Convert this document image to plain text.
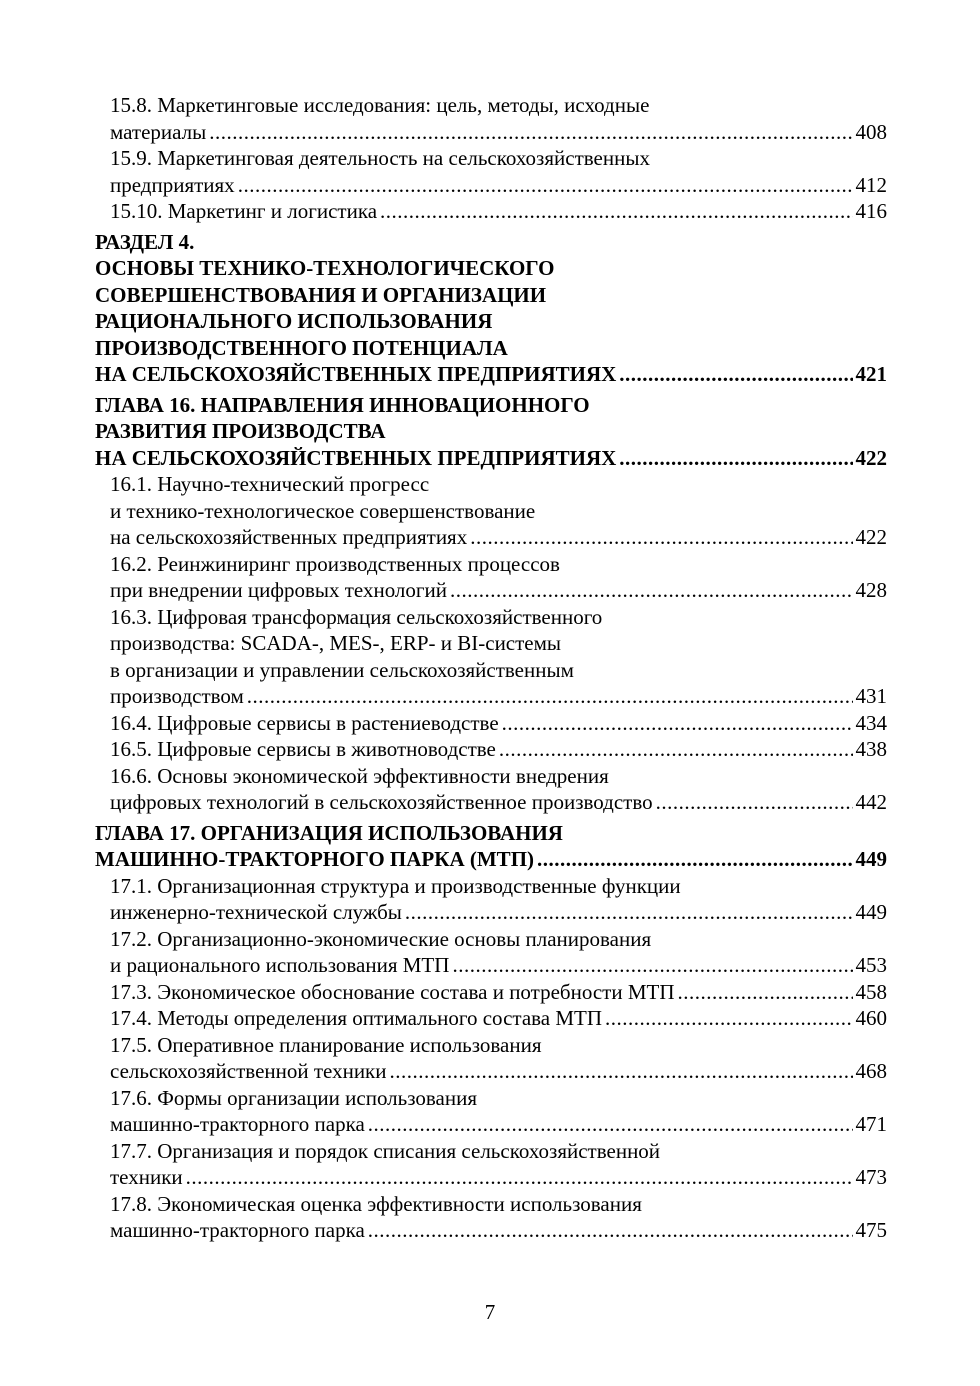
15.8. Маркетинговые исследования: цель, методы, исходные
материалы .....	408
15.9. Маркетинговая деятельность на сельскохозяйственных
предприятиях .....	412
15.10. Маркетинг и логистика .....	416
РАЗДЕЛ 4.
ОСНОВЫ ТЕХНИКО-ТЕХНОЛОГИЧЕСКОГО
СОВЕРШЕНСТВОВАНИЯ И ОРГАНИЗАЦИИ
РАЦИОНАЛЬНОГО ИСПОЛЬЗОВАНИЯ
ПРОИЗВОДСТВЕННОГО ПОТЕНЦИАЛА
НА СЕЛЬСКОХОЗЯЙСТВЕННЫХ ПРЕДПРИЯТИЯХ .....	421
ГЛАВА 16. НАПРАВЛЕНИЯ ИННОВАЦИОННОГО
РАЗВИТИЯ ПРОИЗВОДСТВА
НА СЕЛЬСКОХОЗЯЙСТВЕННЫХ ПРЕДПРИЯТИЯХ .....	422
16.1. Научно-технический прогресс
и технико-технологическое совершенствование
на сельскохозяйственных предприятиях .....	422
16.2. Реинжиниринг производственных процессов
при внедрении цифровых технологий .....	428
16.3. Цифровая трансформация сельскохозяйственного
производства: SCADA-, MES-, ERP- и BI-системы
в организации и управлении сельскохозяйственным
производством .....	431
16.4. Цифровые сервисы в растениеводстве .....	434
16.5. Цифровые сервисы в животноводстве .....	438
16.6. Основы экономической эффективности внедрения
цифровых технологий в сельскохозяйственное производство .....	442
ГЛАВА 17. ОРГАНИЗАЦИЯ ИСПОЛЬЗОВАНИЯ
МАШИННО-ТРАКТОРНОГО ПАРКА (МТП) .....	449
17.1. Организационная структура и производственные функции
инженерно-технической службы .....	449
17.2. Организационно-экономические основы планирования
и рационального использования МТП .....	453
17.3. Экономическое обоснование состава и потребности МТП .....	458
17.4. Методы определения оптимального состава МТП .....	460
17.5. Оперативное планирование использования
сельскохозяйственной техники .....	468
17.6. Формы организации использования
машинно-тракторного парка .....	471
17.7. Организация и порядок списания сельскохозяйственной
техники .....	473
17.8. Экономическая оценка эффективности использования
машинно-тракторного парка .....	475
7
